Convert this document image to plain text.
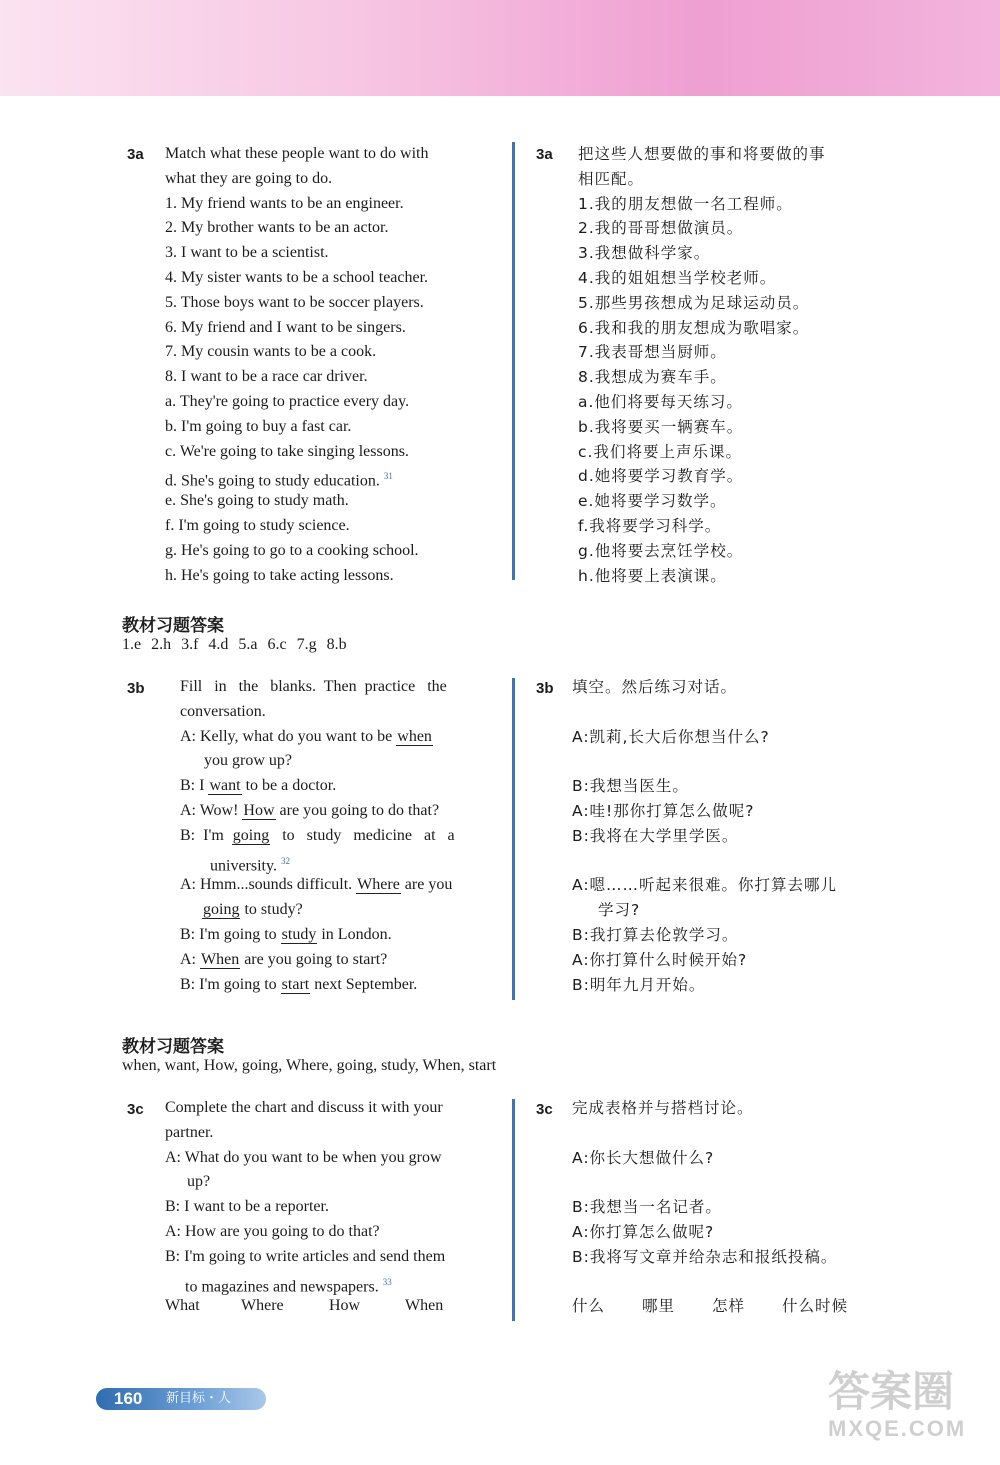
3a Match what these people want to do with
what they are going to do.
1. My friend wants to be an engineer.
2. My brother wants to be an actor.
3. I want to be a scientist.
4. My sister wants to be a school teacher.
5. Those boys want to be soccer players.
6. My friend and I want to be singers.
7. My cousin wants to be a cook.
8. I want to be a race car driver.
a. They're going to practice every day.
b. I'm going to buy a fast car.
c. We're going to take singing lessons.
d. She's going to study education. $^{31}$
e. She's going to study math.
f. I'm going to study science.
g. He's going to go to a cooking school.
h. He's going to take acting lessons.
3a 把这些人想要做的事和将要做的事
相匹配。
1.我的朋友想做一名工程师。
2.我的哥哥想做演员。
3.我想做科学家。
4.我的姐姐想当学校老师。
5.那些男孩想成为足球运动员。
6.我和我的朋友想成为歌唱家。
7.我表哥想当厨师。
8.我想成为赛车手。
a.他们将要每天练习。
b.我将要买一辆赛车。
c.我们将要上声乐课。
d.她将要学习教育学。
e.她将要学习数学。
f.我将要学习科学。
g.他将要去烹饪学校。
h.他将要上表演课。
教材习题答案
1.e 2.h 3.f 4.d 5.a 6.c 7.g 8.b
3b Fill   in   the   blanks.  Then  practice   the
conversation.
A: Kelly, what do you want to be when
you grow up?
B: I want to be a doctor.
A: Wow! How are you going to do that?
B:  I'm  going   to   study   medicine   at   a
university. $^{32}$
A: Hmm...sounds difficult. Where are you
going to study?
B: I'm going to study in London.
A: When are you going to start?
B: I'm going to start next September.
3b 填空。然后练习对话。
A:凯莉,长大后你想当什么?
B:我想当医生。
A:哇!那你打算怎么做呢?
B:我将在大学里学医。
A:嗯……听起来很难。你打算去哪儿
学习?
B:我打算去伦敦学习。
A:你打算什么时候开始?
B:明年九月开始。
教材习题答案
when, want, How, going, Where, going, study, When, start
3c Complete the chart and discuss it with your
partner.
A: What do you want to be when you grow
up?
B: I want to be a reporter.
A: How are you going to do that?
B: I'm going to write articles and send them
to magazines and newspapers. $^{33}$
What	Where	How	When
3c 完成表格并与搭档讨论。
A:你长大想做什么?
B:我想当一名记者。
A:你打算怎么做呢?
B:我将写文章并给杂志和报纸投稿。
什么 哪里 怎样 什么时候
160 新目标・人	答案圈
MXQE.COM
